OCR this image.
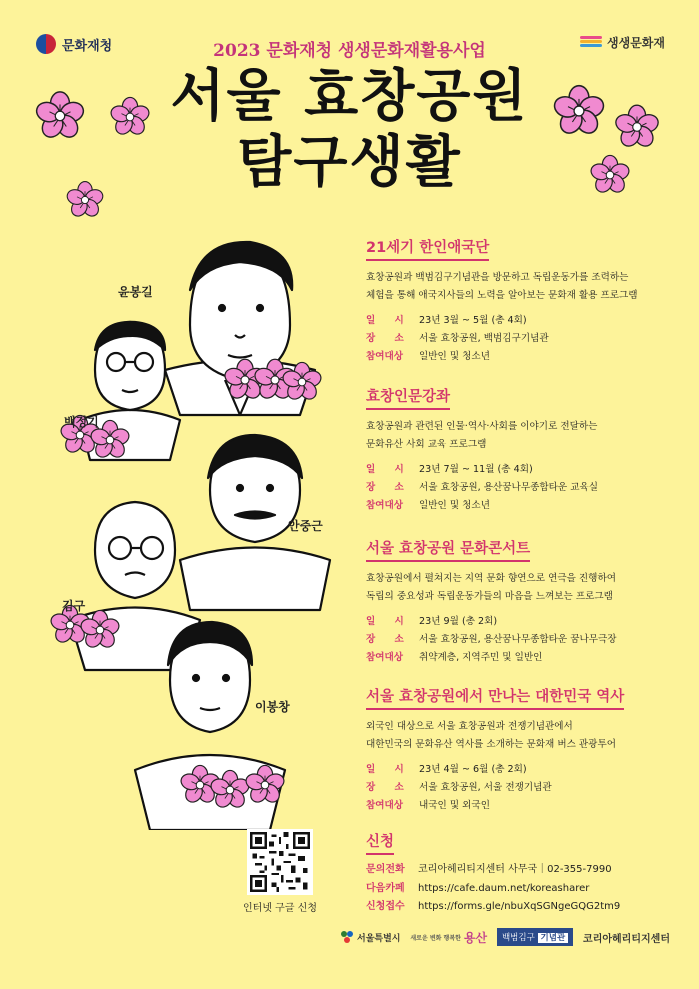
문화재청	생생문화재
2023 문화재청 생생문화재활용사업
서울 효창공원
탐구생활
윤봉길
백정기
안중근
김구
이봉창
21세기 한인애국단
효창공원과 백범김구기념관을 방문하고 독립운동가를 조력하는
체험을 통해 애국지사들의 노력을 알아보는 문화재 활용 프로그램
일　　시	23년 3월 ~ 5월 (총 4회)
장　　소	서울 효창공원, 백범김구기념관
참여대상	일반인 및 청소년
효창인문강좌
효창공원과 관련된 인물·역사·사회를 이야기로 전달하는
문화유산 사회 교육 프로그램
일　　시	23년 7월 ~ 11월 (총 4회)
장　　소	서울 효창공원, 용산꿈나무종합타운 교육실
참여대상	일반인 및 청소년
서울 효창공원 문화콘서트
효창공원에서 펼쳐지는 지역 문화 향연으로 연극을 진행하여
독립의 중요성과 독립운동가들의 마음을 느껴보는 프로그램
일　　시	23년 9월 (총 2회)
장　　소	서울 효창공원, 용산꿈나무종합타운 꿈나무극장
참여대상	취약계층, 지역주민 및 일반인
서울 효창공원에서 만나는 대한민국 역사
외국인 대상으로 서울 효창공원과 전쟁기념관에서
대한민국의 문화유산 역사를 소개하는 문화재 버스 관광투어
일　　시	23년 4월 ~ 6월 (총 2회)
장　　소	서울 효창공원, 서울 전쟁기념관
참여대상	내국인 및 외국인
신청
문의전화	코리아헤리티지센터 사무국｜02-355-7990
다음카페	https://cafe.daum.net/koreasharer
신청접수	https://forms.gle/nbuXqSGNgeGQG2tm9
인터넷 구글 신청
서울특별시 새로운 변화 행복한 용산	백범김구 기념관	코리아헤리티지센터
